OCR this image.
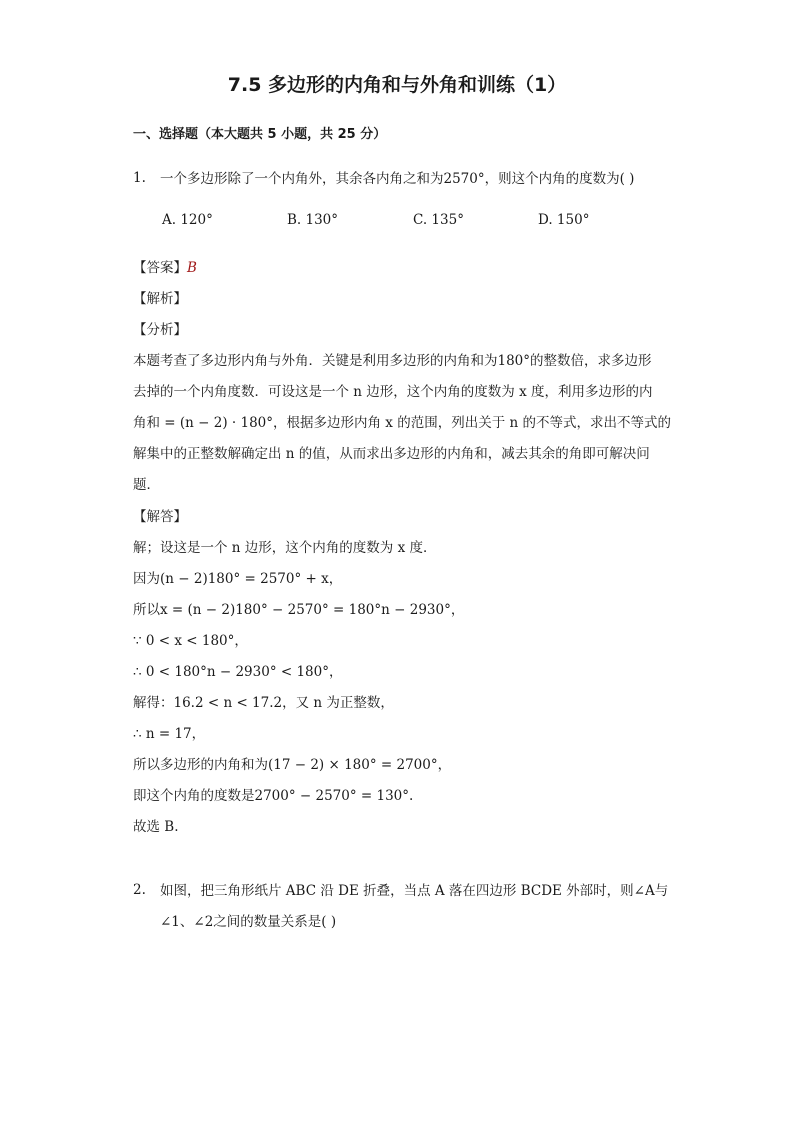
7.5 多边形的内角和与外角和训练（1）
一、选择题（本大题共 5 小题，共 25 分）
1. 一个多边形除了一个内角外，其余各内角之和为2570°，则这个内角的度数为( )
A. 120°	B. 130°	C. 135°	D. 150°
【答案】B
【解析】
【分析】
本题考查了多边形内角与外角．关键是利用多边形的内角和为180°的整数倍，求多边形
去掉的一个内角度数．可设这是一个 n 边形，这个内角的度数为 x 度，利用多边形的内
角和 = (n − 2) · 180°，根据多边形内角 x 的范围，列出关于 n 的不等式，求出不等式的
解集中的正整数解确定出 n 的值，从而求出多边形的内角和，减去其余的角即可解决问
题．
【解答】
解；设这是一个 n 边形，这个内角的度数为 x 度．
因为(n − 2)180° = 2570° + x，
所以x = (n − 2)180° − 2570° = 180°n − 2930°，
∵ 0 < x < 180°，
∴ 0 < 180°n − 2930° < 180°，
解得：16.2 < n < 17.2，又 n 为正整数，
∴ n = 17，
所以多边形的内角和为(17 − 2) × 180° = 2700°，
即这个内角的度数是2700° − 2570° = 130°.
故选 B.
2. 如图，把三角形纸片 ABC 沿 DE 折叠，当点 A 落在四边形 BCDE 外部时，则∠A与
∠1、∠2之间的数量关系是( )
